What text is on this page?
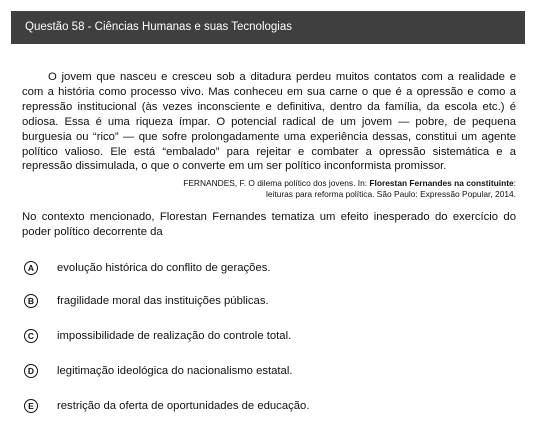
Questão 58 - Ciências Humanas e suas Tecnologias

O jovem que nasceu e cresceu sob a ditadura perdeu muitos contatos com a realidade e com a história como processo vivo. Mas conheceu em sua carne o que é a opressão e como a repressão institucional (às vezes inconsciente e definitiva, dentro da família, da escola etc.) é odiosa. Essa é uma riqueza ímpar. O potencial radical de um jovem — pobre, de pequena burguesia ou “rico” — que sofre prolongadamente uma experiência dessas, constitui um agente político valioso. Ele está “embalado” para rejeitar e combater a opressão sistemática e a repressão dissimulada, o que o converte em um ser político inconformista promissor.

FERNANDES, F. O dilema político dos jovens. In: Florestan Fernandes na constituinte:
leituras para reforma política. São Paulo: Expressão Popular, 2014.

No contexto mencionado, Florestan Fernandes tematiza um efeito inesperado do exercício do poder político decorrente da

A	evolução histórica do conflito de gerações.
B	fragilidade moral das instituições públicas.
C	impossibilidade de realização do controle total.
D	legitimação ideológica do nacionalismo estatal.
E	restrição da oferta de oportunidades de educação.
